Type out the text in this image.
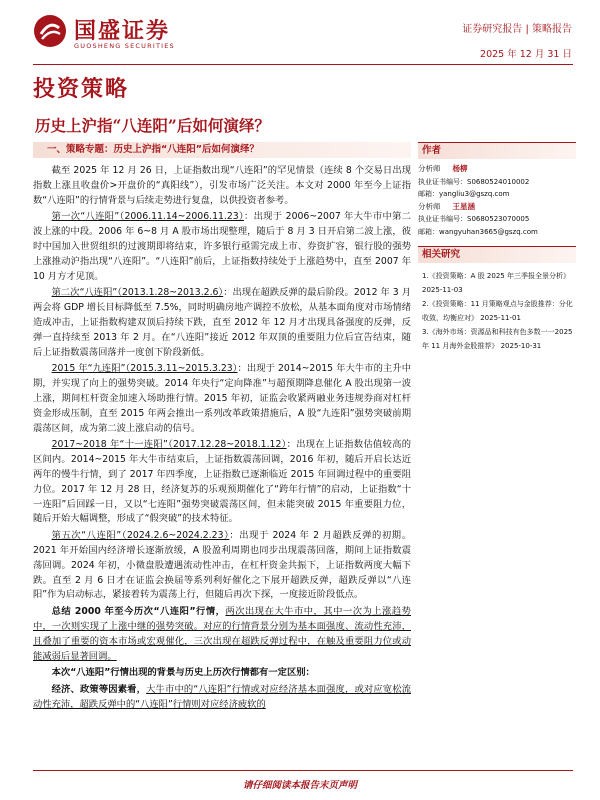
国盛证券
GUOSHENG SECURITIES
证券研究报告 | 策略报告
2025 年 12 月 31 日
投资策略
历史上沪指“八连阳”后如何演绎？
一、策略专题：历史上沪指“八连阳”后如何演绎？

截至 2025 年 12 月 26 日，上证指数出现“八连阳”的罕见情景（连续 8 个交易日出现指数上涨且收盘价>开盘价的“真阳线”），引发市场广泛关注。本文对 2000 年至今上证指数“八连阳”的行情背景与后续走势进行复盘，以供投资者参考。

第一次“八连阳”（2006.11.14~2006.11.23）：出现于 2006~2007 年大牛市中第二波上涨的中段。2006 年 6~8 月 A 股市场出现整理，随后于 8 月 3 日开启第二波上涨，彼时中国加入世贸组织的过渡期即将结束，许多银行亟需完成上市、券资扩容，银行股的强势上涨推动沪指出现“八连阳”。“八连阳”前后，上证指数持续处于上涨趋势中，直至 2007 年 10 月方才见顶。

第二次“八连阳”（2013.1.28~2013.2.6）：出现在超跌反弹的最后阶段。2012 年 3 月两会将 GDP 增长目标降低至 7.5%，同时明确房地产调控不放松，从基本面角度对市场情绪造成冲击，上证指数构建双顶后持续下跌，直至 2012 年 12 月才出现具备强度的反弹，反弹一直持续至 2013 年 2 月。在“八连阳”接近 2012 年双顶的重要阻力位后宣告结束，随后上证指数震荡回落并一度创下阶段新低。

2015 年“九连阳”（2015.3.11~2015.3.23）：出现于 2014~2015 年大牛市的主升中期，并实现了向上的强势突破。2014 年央行“定向降准”与超预期降息催化 A 股出现第一波上涨，期间杠杆资金加速入场助推行情。2015 年初，证监会收紧两融业务违规券商对杠杆资金形成压制，直至 2015 年两会推出一系列改革政策措施后，A 股“九连阳”强势突破前期震荡区间，成为第二波上涨启动的信号。

2017~2018 年“十一连阳”（2017.12.28~2018.1.12）：出现在上证指数估值较高的区间内。2014~2015 年大牛市结束后，上证指数震荡回调，2016 年初，随后开启长达近两年的慢牛行情，到了 2017 年四季度，上证指数已逐渐临近 2015 年回调过程中的重要阻力位。2017 年 12 月 28 日，经济复苏的乐观预期催化了“跨年行情”的启动，上证指数“十一连阳”后回踩一日，又以“七连阳”强势突破震荡区间，但未能突破 2015 年重要阻力位，随后开始大幅调整，形成了“假突破”的技术特征。

第五次“八连阳”（2024.2.6~2024.2.23）：出现于 2024 年 2 月超跌反弹的初期。2021 年开始国内经济增长逐渐放缓，A 股盈利周期也同步出现震荡回落，期间上证指数震荡回调。2024 年初，小微盘股遭遇流动性冲击，在杠杆资金共振下，上证指数两度大幅下跌。直至 2 月 6 日才在证监会换届等系列利好催化之下展开超跌反弹，超跌反弹以“八连阳”作为启动标志，紧接着转为震荡上行，但随后再次下探，一度接近阶段低点。

总结 2000 年至今历次“八连阳”行情，两次出现在大牛市中，其中一次为上涨趋势中，一次则实现了上涨中继的强势突破。对应的行情背景分别为基本面强度、流动性充沛，且叠加了重要的资本市场或宏观催化，三次出现在超跌反弹过程中，在触及重要阻力位或动能减弱后显著回调。

本次“八连阳”行情出现的背景与历史上历次行情都有一定区别：

经济、政策等因素看，大牛市中的“八连阳”行情或对应经济基本面强度，或对应宽松流动性充沛，超跌反弹中的“八连阳”行情则对应经济疲软的

作者
分析师 杨柳
执业证书编号：S0680524010002
邮箱：yangliu3@gszq.com
分析师 王星涵
执业证书编号：S0680523070005
邮箱：wangyuhan3665@gszq.com
相关研究
1.《投资策略：A 股 2025 年三季报全景分析》 2025-11-03
2.《投资策略：11 月策略观点与金股推荐：分化收敛，均衡应对》 2025-11-01
3.《海外市场：资源品和科技有色多数一一2025 年 11 月海外金股推荐》 2025-10-31
请仔细阅读本报告末页声明
